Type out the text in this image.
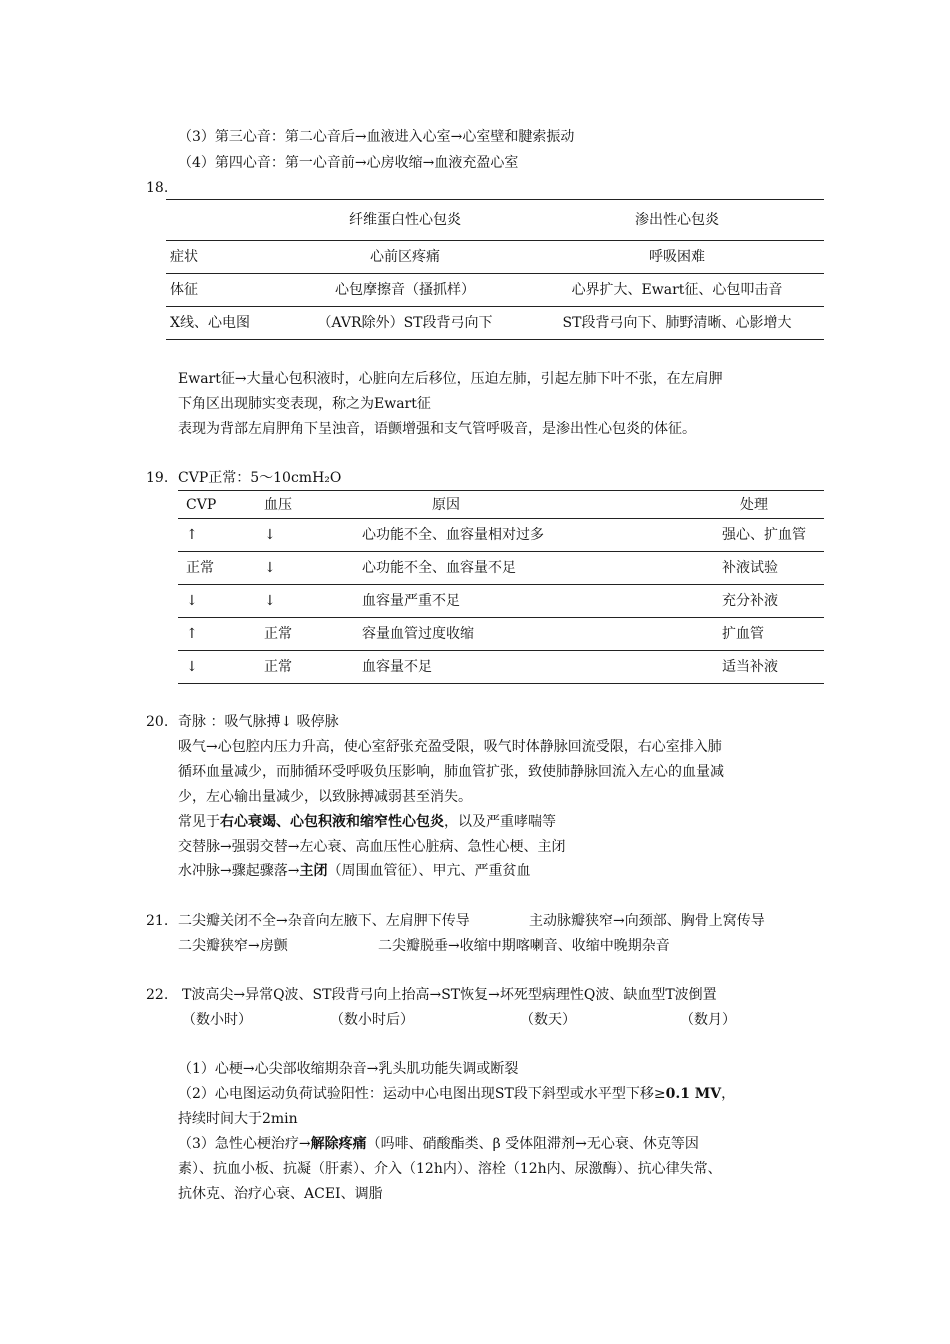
（3）第三心音：第二心音后→血液进入心室→心室壁和腱索振动
（4）第四心音：第一心音前→心房收缩→血液充盈心室
18.
	纤维蛋白性心包炎	渗出性心包炎
症状	心前区疼痛	呼吸困难
体征	心包摩擦音（搔抓样）	心界扩大、Ewart征、心包叩击音
X线、心电图	（AVR除外）ST段背弓向下	ST段背弓向下、肺野清晰、心影增大
Ewart征→大量心包积液时，心脏向左后移位，压迫左肺，引起左肺下叶不张，在左肩胛
下角区出现肺实变表现，称之为Ewart征
表现为背部左肩胛角下呈浊音，语颤增强和支气管呼吸音，是渗出性心包炎的体征。
19. CVP正常：5～10cmH₂O
CVP	血压	原因	处理
↑	↓	心功能不全、血容量相对过多	强心、扩血管
正常	↓	心功能不全、血容量不足	补液试验
↓	↓	血容量严重不足	充分补液
↑	正常	容量血管过度收缩	扩血管
↓	正常	血容量不足	适当补液
20. 奇脉 ：吸气脉搏↓ 吸停脉
吸气→心包腔内压力升高，使心室舒张充盈受限，吸气时体静脉回流受限，右心室排入肺
循环血量减少，而肺循环受呼吸负压影响，肺血管扩张，致使肺静脉回流入左心的血量减
少，左心输出量减少，以致脉搏减弱甚至消失。
常见于右心衰竭、心包积液和缩窄性心包炎，以及严重哮喘等
交替脉→强弱交替→左心衰、高血压性心脏病、急性心梗、主闭
水冲脉→骤起骤落→主闭（周围血管征）、甲亢、严重贫血
21. 二尖瓣关闭不全→杂音向左腋下、左肩胛下传导	主动脉瓣狭窄→向颈部、胸骨上窝传导
二尖瓣狭窄→房颤	二尖瓣脱垂→收缩中期喀喇音、收缩中晚期杂音
22. T波高尖→异常Q波、ST段背弓向上抬高→ST恢复→坏死型病理性Q波、缺血型T波倒置
（数小时）	（数小时后）	（数天）	（数月）
（1）心梗→心尖部收缩期杂音→乳头肌功能失调或断裂
（2）心电图运动负荷试验阳性：运动中心电图出现ST段下斜型或水平型下移≥0.1 MV，
持续时间大于2min
（3）急性心梗治疗→解除疼痛（吗啡、硝酸酯类、β 受体阻滞剂→无心衰、休克等因
素）、抗血小板、抗凝（肝素）、介入（12h内）、溶栓（12h内、尿激酶）、抗心律失常、
抗休克、治疗心衰、ACEⅠ、调脂
